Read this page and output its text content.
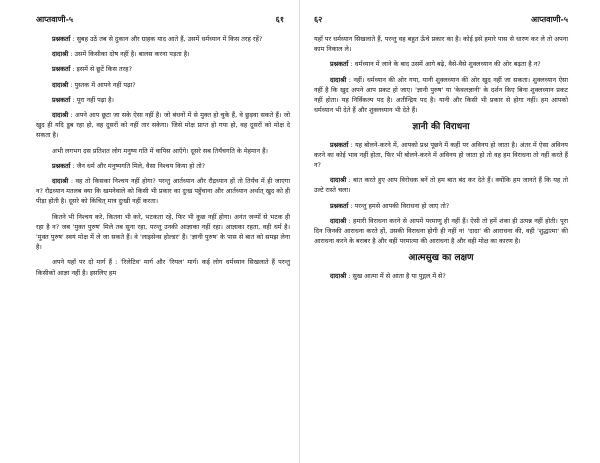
आप्तवाणी-५	६१

प्रश्नकर्ता : सुबह उठें तब से दुकान और ग्राहक याद आते हैं, उसमें धर्मध्यान में किस तरह रहें?

दादाश्री : उसमें किसीका दोष नहीं है। बालस करना पड़ता है।

प्रश्नकर्ता : इसमें से छूटें किस तरह?

दादाश्री : पुस्तक में आपने नहीं पढ़ा?

प्रश्नकर्ता : पूरा नहीं पढ़ा है।

दादाश्री : अपने आप छूटा जा सके ऐसा नहीं है। जो बंधनों में से मुक्त हो चुके हैं, वे छुड़वा सकते हैं। जो खुद ही यदि डूब रहा हो, वह दूसरों को नहीं तार सकेगा। जिसे मोक्ष प्राप्त हो गया हो, वह दूसरों को मोक्ष दे सकता है।

अभी लगभग दस प्रतिशत लोग मनुष्य गति में वापिस आएँगे। दूसरे सब तिर्यंचगति के मेहमान हैं।

प्रश्नकर्ता : जैन धर्म और मनुष्यगति मिले, वैसा निश्चय किया हो तो?

दादाश्री : वह तो किसका निश्चय नहीं होगा? परन्तु आर्तध्यान और रौद्रध्यान हों तो तिर्यंच में ही जाएगा न? रौद्रध्यान मतलब क्या कि खमनेवाले को किसी भी प्रकार का दुःख पहुँचाना और आर्तध्यान अर्थात् खुद को ही पीड़ा होती है। दूसरे को किंचित् मात्र दुःखी नहीं करता।

कितने भी निश्चय करे, कितना भी करे, भटकता रहे, फिर भी कुछ नहीं होगा। अनंत जन्मों से भटक ही रहा है न? जब 'मुक्त पुरुष' मिले तब सुना रहा, परन्तु उनकी आज्ञाका नहीं रहा। आज्ञाका रहता, वही धर्म है। 'मुक्त पुरुष' स्वयं मोक्ष में ले जा सकते हैं। वे 'लाइसेन्स होल्डर' हैं। 'ज्ञानी पुरुष' के पास से बात को समझ लेना है।

अपने यहाँ पर दो मार्ग हैं : 'रिलेटिव' मार्ग और 'रियल' मार्ग। कई लोग धर्मध्यान सिखलाते हैं परन्तु किसीको आज्ञा नहीं है। इसलिए हम

६२	आप्तवाणी-५

यहाँ पर धर्मध्यान सिखलाते हैं, परन्तु वह बहुत ऊँचे प्रकार का है। कोई इसे हमारे पास से धारण कर ले तो अपना काम निकाल ले।

प्रश्नकर्ता : धर्मध्यान में जाने के बाद उसमें आगे बढ़े, वैसे-वैसे शुक्लध्यान की ओर बढ़ता है न?

दादाश्री : नहीं। धर्मध्यान की ओर गया, यानी शुक्लध्यान की ओर खुद नहीं जा सकता। शुक्लध्यान ऐसा नहीं है कि खुद अपने आप प्रकट हो जाए। 'ज्ञानी पुरुष' या 'केवलज्ञानी' के दर्शन किए बिना शुक्लध्यान प्रकट नहीं होता। यह निर्विकल्प पद है। अतीन्द्रिय पद है। यानी और किसी भी प्रकार से होगा नहीं। हम आपको धर्मध्यान भी देते हैं और शुक्लध्यान भी देते हैं।

ज्ञानी की विराधना

प्रश्नकर्ता : यह बोलने-करने में, आपको प्रश्न पूछने में कहीं पर अविनय हो जाता है। अंतर में ऐसा अविनय करने का कोई भाव नहीं होता, फिर भी बोलने-करने में अविनय हो जाता हो तो वह हम विराधना तो नहीं करते हैं न?

दादाश्री : बात करते हुए आप विरोधक बनें तो हम बात बंद कर देते हैं। क्योंकि हम जानते हैं कि यह तो उल्टे रास्ते चला।

प्रश्नकर्ता : परन्तु हमसे आपकी विराधना हो जाए तो?

दादाश्री : हमारी विराधना करने से आपमें परमाणु ही नहीं हैं। ऐसी तो हमें शंका ही उत्पन्न नहीं होती। पूरा दिन जिनकी आराधना करते हों, उसकी विराधना होगी ही नहीं न! 'दादा' की आराधना की, वही 'शुद्धात्मा' की आराधना करने के बराबर है और वही परमात्मा की आराधना है और वही मोक्ष का कारण है।

आत्मसुख का लक्षण

दादाश्री : सुख आत्मा में से आता है या पुद्गल में से?
